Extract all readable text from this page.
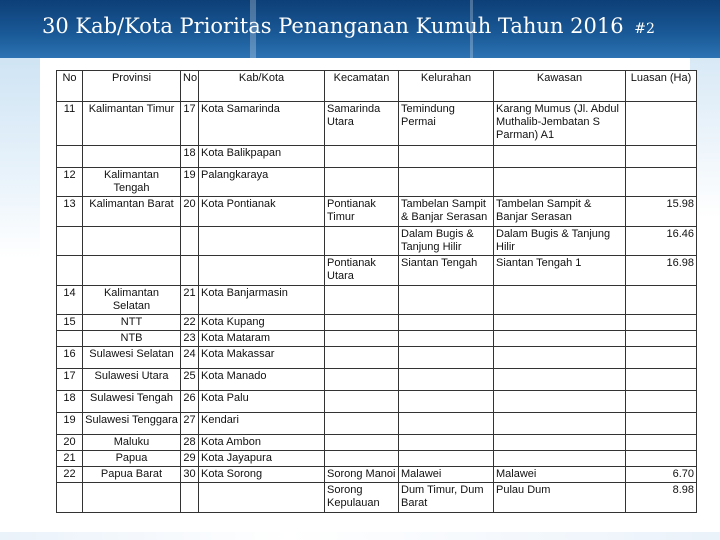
30 Kab/Kota Prioritas Penanganan Kumuh Tahun 2016 #2
No	Provinsi	No	Kab/Kota	Kecamatan	Kelurahan	Kawasan	Luasan (Ha)
11	Kalimantan Timur	17	Kota Samarinda	Samarinda Utara	Temindung Permai	Karang Mumus (Jl. Abdul Muthalib-Jembatan S Parman) A1	
		18	Kota Balikpapan				
12	Kalimantan Tengah	19	Palangkaraya				
13	Kalimantan Barat	20	Kota Pontianak	Pontianak Timur	Tambelan Sampit & Banjar Serasan	Tambelan Sampit & Banjar Serasan	15.98
					Dalam Bugis & Tanjung Hilir	Dalam Bugis & Tanjung Hilir	16.46
				Pontianak Utara	Siantan Tengah	Siantan Tengah 1	16.98
14	Kalimantan Selatan	21	Kota Banjarmasin				
15	NTT	22	Kota Kupang				
	NTB	23	Kota Mataram				
16	Sulawesi Selatan	24	Kota Makassar				
17	Sulawesi Utara	25	Kota Manado				
18	Sulawesi Tengah	26	Kota Palu				
19	Sulawesi Tenggara	27	Kendari				
20	Maluku	28	Kota Ambon				
21	Papua	29	Kota Jayapura				
22	Papua Barat	30	Kota Sorong	Sorong Manoi	Malawei	Malawei	6.70
				Sorong Kepulauan	Dum Timur, Dum Barat	Pulau Dum	8.98
